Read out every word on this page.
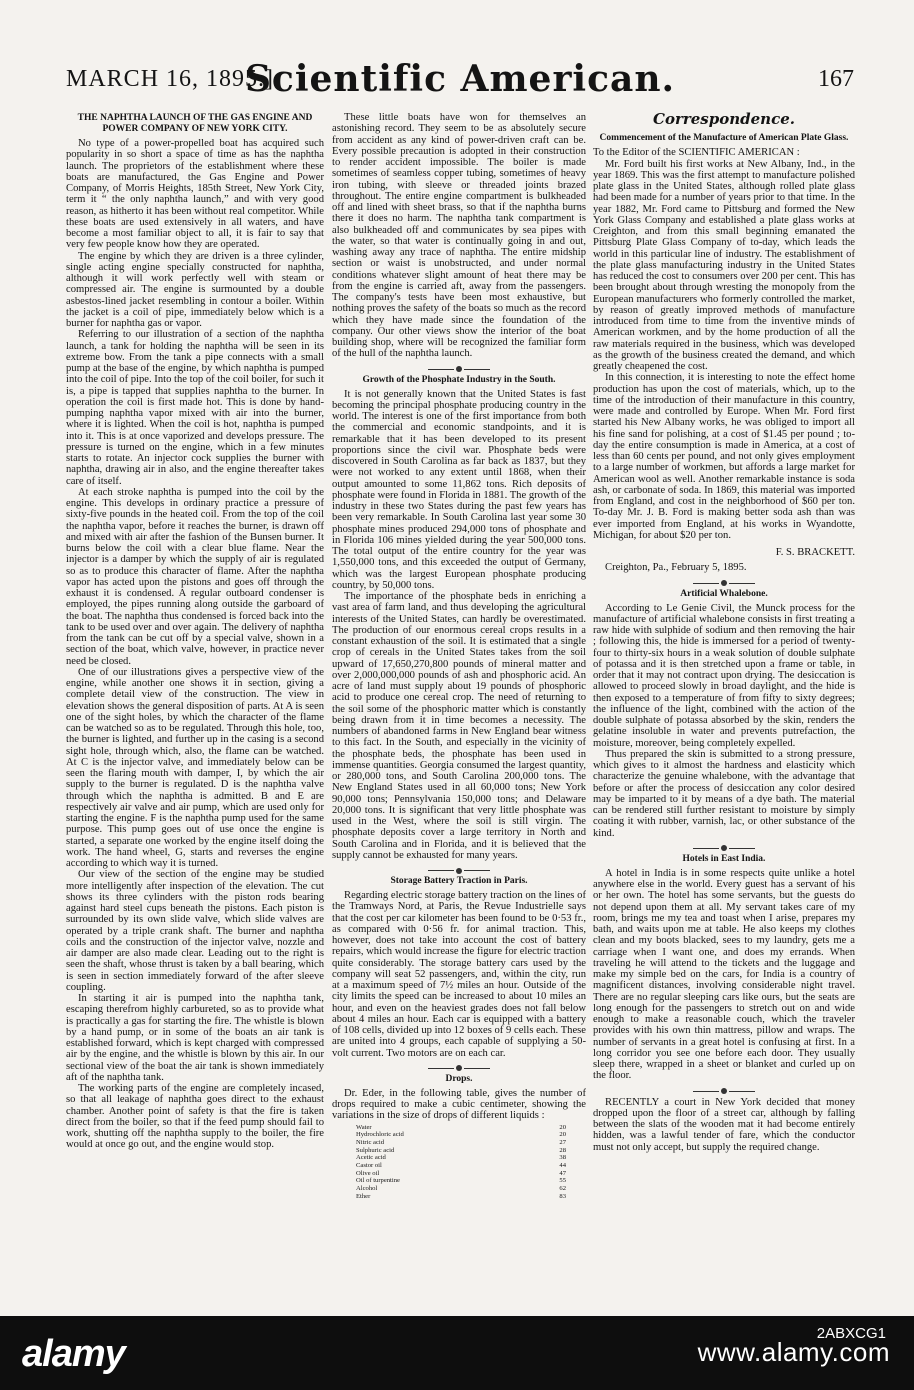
MARCH 16, 1895.]
Scientific American.	167
THE NAPHTHA LAUNCH OF THE GAS ENGINE AND POWER COMPANY OF NEW YORK CITY.

No type of a power-propelled boat has acquired such popularity in so short a space of time as has the naphtha launch. The proprietors of the establishment where these boats are manufactured, the Gas Engine and Power Company, of Morris Heights, 185th Street, New York City, term it “ the only naphtha launch,” and with very good reason, as hitherto it has been without real competitor. While these boats are used extensively in all waters, and have become a most familiar object to all, it is fair to say that very few people know how they are operated.

The engine by which they are driven is a three cylinder, single acting engine specially constructed for naphtha, although it will work perfectly well with steam or compressed air. The engine is surmounted by a double asbestos-lined jacket resembling in contour a boiler. Within the jacket is a coil of pipe, immediately below which is a burner for naphtha gas or vapor.

Referring to our illustration of a section of the naphtha launch, a tank for holding the naphtha will be seen in its extreme bow. From the tank a pipe connects with a small pump at the base of the engine, by which naphtha is pumped into the coil of pipe. Into the top of the coil boiler, for such it is, a pipe is tapped that supplies naphtha to the burner. In operation the coil is first made hot. This is done by hand-pumping naphtha vapor mixed with air into the burner, where it is lighted. When the coil is hot, naphtha is pumped into it. This is at once vaporized and develops pressure. The pressure is turned on the engine, which in a few minutes starts to rotate. An injector cock supplies the burner with naphtha, drawing air in also, and the engine thereafter takes care of itself.

At each stroke naphtha is pumped into the coil by the engine. This develops in ordinary practice a pressure of sixty-five pounds in the heated coil. From the top of the coil the naphtha vapor, before it reaches the burner, is drawn off and mixed with air after the fashion of the Bunsen burner. It burns below the coil with a clear blue flame. Near the injector is a damper by which the supply of air is regulated so as to produce this character of flame. After the naphtha vapor has acted upon the pistons and goes off through the exhaust it is condensed. A regular outboard condenser is employed, the pipes running along outside the garboard of the boat. The naphtha thus condensed is forced back into the tank to be used over and over again. The delivery of naphtha from the tank can be cut off by a special valve, shown in a section of the boat, which valve, however, in practice never need be closed.

One of our illustrations gives a perspective view of the engine, while another one shows it in section, giving a complete detail view of the construction. The view in elevation shows the general disposition of parts. At A is seen one of the sight holes, by which the character of the flame can be watched so as to be regulated. Through this hole, too, the burner is lighted, and further up in the casing is a second sight hole, through which, also, the flame can be watched. At C is the injector valve, and immediately below can be seen the flaring mouth with damper, I, by which the air supply to the burner is regulated. D is the naphtha valve through which the naphtha is admitted. B and E are respectively air valve and air pump, which are used only for starting the engine. F is the naphtha pump used for the same purpose. This pump goes out of use once the engine is started, a separate one worked by the engine itself doing the work. The hand wheel, G, starts and reverses the engine according to which way it is turned.

Our view of the section of the engine may be studied more intelligently after inspection of the elevation. The cut shows its three cylinders with the piston rods bearing against hard steel cups beneath the pistons. Each piston is surrounded by its own slide valve, which slide valves are operated by a triple crank shaft. The burner and naphtha coils and the construction of the injector valve, nozzle and air damper are also made clear. Leading out to the right is seen the shaft, whose thrust is taken by a ball bearing, which is seen in section immediately forward of the after sleeve coupling.

In starting it air is pumped into the naphtha tank, escaping therefrom highly carbureted, so as to provide what is practically a gas for starting the fire. The whistle is blown by a hand pump, or in some of the boats an air tank is established forward, which is kept charged with compressed air by the engine, and the whistle is blown by this air. In our sectional view of the boat the air tank is shown immediately aft of the naphtha tank.

The working parts of the engine are completely incased, so that all leakage of naphtha goes direct to the exhaust chamber. Another point of safety is that the fire is taken direct from the boiler, so that if the feed pump should fail to work, shutting off the naphtha supply to the boiler, the fire would at once go out, and the engine would stop.

These little boats have won for themselves an astonishing record. They seem to be as absolutely secure from accident as any kind of power-driven craft can be. Every possible precaution is adopted in their construction to render accident impossible. The boiler is made sometimes of seamless copper tubing, sometimes of heavy iron tubing, with sleeve or threaded joints brazed throughout. The entire engine compartment is bulkheaded off and lined with sheet brass, so that if the naphtha burns there it does no harm. The naphtha tank compartment is also bulkheaded off and communicates by sea pipes with the water, so that water is continually going in and out, washing away any trace of naphtha. The entire midship section or waist is unobstructed, and under normal conditions whatever slight amount of heat there may be from the engine is carried aft, away from the passengers. The company's tests have been most exhaustive, but nothing proves the safety of the boats so much as the record which they have made since the foundation of the company. Our other views show the interior of the boat building shop, where will be recognized the familiar form of the hull of the naphtha launch.

Growth of the Phosphate Industry in the South.

It is not generally known that the United States is fast becoming the principal phosphate producing country in the world. The interest is one of the first importance from both the commercial and economic standpoints, and it is remarkable that it has been developed to its present proportions since the civil war. Phosphate beds were discovered in South Carolina as far back as 1837, but they were not worked to any extent until 1868, when their output amounted to some 11,862 tons. Rich deposits of phosphate were found in Florida in 1881. The growth of the industry in these two States during the past few years has been very remarkable. In South Carolina last year some 30 phosphate mines produced 294,000 tons of phosphate and in Florida 106 mines yielded during the year 500,000 tons. The total output of the entire country for the year was 1,550,000 tons, and this exceeded the output of Germany, which was the largest European phosphate producing country, by 50,000 tons.

The importance of the phosphate beds in enriching a vast area of farm land, and thus developing the agricultural interests of the United States, can hardly be overestimated. The production of our enormous cereal crops results in a constant exhaustion of the soil. It is estimated that a single crop of cereals in the United States takes from the soil upward of 17,650,270,800 pounds of mineral matter and over 2,000,000,000 pounds of ash and phosphoric acid. An acre of land must supply about 19 pounds of phosphoric acid to produce one cereal crop. The need of returning to the soil some of the phosphoric matter which is constantly being drawn from it in time becomes a necessity. The numbers of abandoned farms in New England bear witness to this fact. In the South, and especially in the vicinity of the phosphate beds, the phosphate has been used in immense quantities. Georgia consumed the largest quantity, or 280,000 tons, and South Carolina 200,000 tons. The New England States used in all 60,000 tons; New York 90,000 tons; Pennsylvania 150,000 tons; and Delaware 20,000 tons. It is significant that very little phosphate was used in the West, where the soil is still virgin. The phosphate deposits cover a large territory in North and South Carolina and in Florida, and it is believed that the supply cannot be exhausted for many years.

Storage Battery Traction in Paris.

Regarding electric storage battery traction on the lines of the Tramways Nord, at Paris, the Revue Industrielle says that the cost per car kilometer has been found to be 0·53 fr., as compared with 0·56 fr. for animal traction. This, however, does not take into account the cost of battery repairs, which would increase the figure for electric traction quite considerably. The storage battery cars used by the company will seat 52 passengers, and, within the city, run at a maximum speed of 7½ miles an hour. Outside of the city limits the speed can be increased to about 10 miles an hour, and even on the heaviest grades does not fall below about 4 miles an hour. Each car is equipped with a battery of 108 cells, divided up into 12 boxes of 9 cells each. These are united into 4 groups, each capable of supplying a 50-volt current. Two motors are on each car.

Drops.

Dr. Eder, in the following table, gives the number of drops required to make a cubic centimeter, showing the variations in the size of drops of different liquids :

Water	20
Hydrochloric acid	20
Nitric acid	27
Sulphuric acid	28
Acetic acid	38
Castor oil	44
Olive oil	47
Oil of turpentine	55
Alcohol	62
Ether	83
Correspondence.
Commencement of the Manufacture of American Plate Glass.

To the Editor of the SCIENTIFIC AMERICAN :

Mr. Ford built his first works at New Albany, Ind., in the year 1869. This was the first attempt to manufacture polished plate glass in the United States, although rolled plate glass had been made for a number of years prior to that time. In the year 1882, Mr. Ford came to Pittsburg and formed the New York Glass Company and established a plate glass works at Creighton, and from this small beginning emanated the Pittsburg Plate Glass Company of to-day, which leads the world in this particular line of industry. The establishment of the plate glass manufacturing industry in the United States has reduced the cost to consumers over 200 per cent. This has been brought about through wresting the monopoly from the European manufacturers who formerly controlled the market, by reason of greatly improved methods of manufacture introduced from time to time from the inventive minds of American workmen, and by the home production of all the raw materials required in the business, which was developed as the growth of the business created the demand, and which greatly cheapened the cost.

In this connection, it is interesting to note the effect home production has upon the cost of materials, which, up to the time of the introduction of their manufacture in this country, were made and controlled by Europe. When Mr. Ford first started his New Albany works, he was obliged to import all his fine sand for polishing, at a cost of $1.45 per pound ; to-day the entire consumption is made in America, at a cost of less than 60 cents per pound, and not only gives employment to a large number of workmen, but affords a large market for American wool as well. Another remarkable instance is soda ash, or carbonate of soda. In 1869, this material was imported from England, and cost in the neighborhood of $60 per ton. To-day Mr. J. B. Ford is making better soda ash than was ever imported from England, at his works in Wyandotte, Michigan, for about $20 per ton.

F. S. BRACKETT.

Creighton, Pa., February 5, 1895.

Artificial Whalebone.

According to Le Genie Civil, the Munck process for the manufacture of artificial whalebone consists in first treating a raw hide with sulphide of sodium and then removing the hair ; following this, the hide is immersed for a period of twenty-four to thirty-six hours in a weak solution of double sulphate of potassa and it is then stretched upon a frame or table, in order that it may not contract upon drying. The desiccation is allowed to proceed slowly in broad daylight, and the hide is then exposed to a temperature of from fifty to sixty degrees; the influence of the light, combined with the action of the double sulphate of potassa absorbed by the skin, renders the gelatine insoluble in water and prevents putrefaction, the moisture, moreover, being completely expelled.

Thus prepared the skin is submitted to a strong pressure, which gives to it almost the hardness and elasticity which characterize the genuine whalebone, with the advantage that before or after the process of desiccation any color desired may be imparted to it by means of a dye bath. The material can be rendered still further resistant to moisture by simply coating it with rubber, varnish, lac, or other substance of the kind.

Hotels in East India.

A hotel in India is in some respects quite unlike a hotel anywhere else in the world. Every guest has a servant of his or her own. The hotel has some servants, but the guests do not depend upon them at all. My servant takes care of my room, brings me my tea and toast when I arise, prepares my bath, and waits upon me at table. He also keeps my clothes clean and my boots blacked, sees to my laundry, gets me a carriage when I want one, and does my errands. When traveling he will attend to the tickets and the luggage and make my simple bed on the cars, for India is a country of magnificent distances, involving considerable night travel. There are no regular sleeping cars like ours, but the seats are long enough for the passengers to stretch out on and wide enough to make a reasonable couch, which the traveler provides with his own thin mattress, pillow and wraps. The number of servants in a great hotel is confusing at first. In a long corridor you see one before each door. They usually sleep there, wrapped in a sheet or blanket and curled up on the floor.

RECENTLY a court in New York decided that money dropped upon the floor of a street car, although by falling between the slats of the wooden mat it had become entirely hidden, was a lawful tender of fare, which the conductor must not only accept, but supply the required change.

alamy	2ABXCG1
www.alamy.com
